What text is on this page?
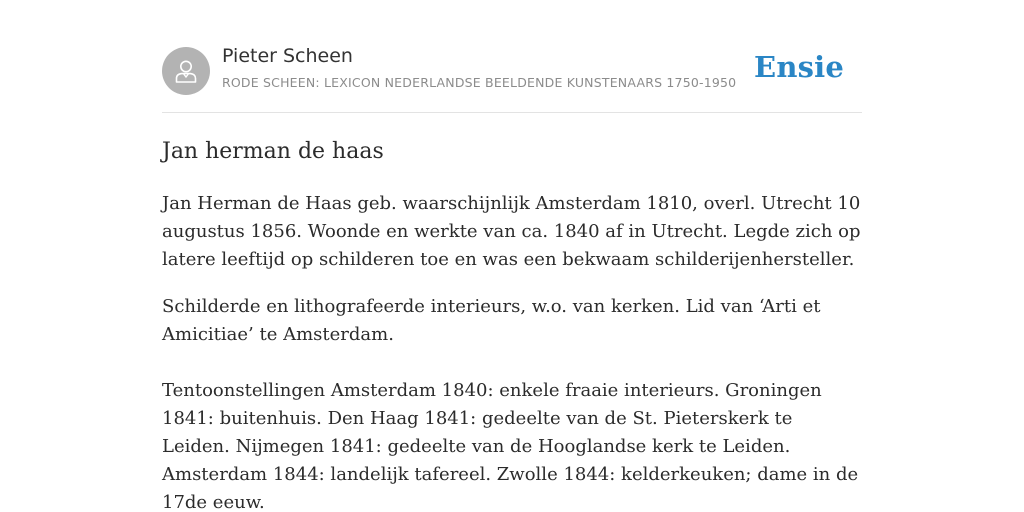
Pieter Scheen
RODE SCHEEN: LEXICON NEDERLANDSE BEELDENDE KUNSTENAARS 1750-1950 Ensie
Jan herman de haas

Jan Herman de Haas geb. waarschijnlijk Amsterdam 1810, overl. Utrecht 10 augustus 1856. Woonde en werkte van ca. 1840 af in Utrecht. Legde zich op latere leeftijd op schilderen toe en was een bekwaam schilderijenhersteller.

Schilderde en lithografeerde interieurs, w.o. van kerken. Lid van ‘Arti et Amicitiae’ te Amsterdam.

Tentoonstellingen Amsterdam 1840: enkele fraaie interieurs. Groningen 1841: buitenhuis. Den Haag 1841: gedeelte van de St. Pieterskerk te Leiden. Nijmegen 1841: gedeelte van de Hooglandse kerk te Leiden. Amsterdam 1844: landelijk tafereel. Zwolle 1844: kelderkeuken; dame in de 17de eeuw.
